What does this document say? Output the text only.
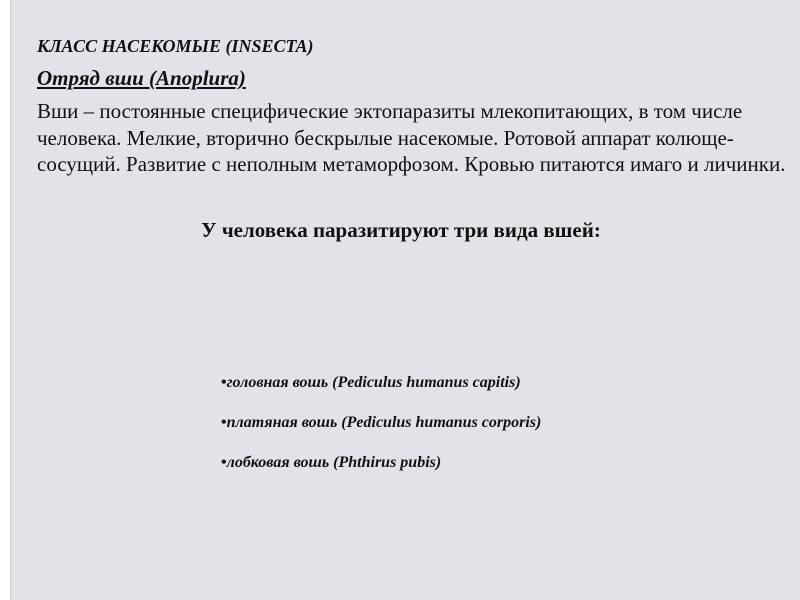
КЛАСС НАСЕКОМЫЕ (INSECTA)

Отряд вши (Anoplura)

Вши – постоянные специфические эктопаразиты млекопитающих, в том числе человека. Мелкие, вторично бескрылые насекомые. Ротовой аппарат колюще-сосущий. Развитие с неполным метаморфозом. Кровью питаются имаго и личинки.

У человека паразитируют три вида вшей:

•головная вошь (Pediculus humanus capitis)
•платяная вошь (Pediculus humanus corporis)
•лобковая вошь (Phthirus pubis)
